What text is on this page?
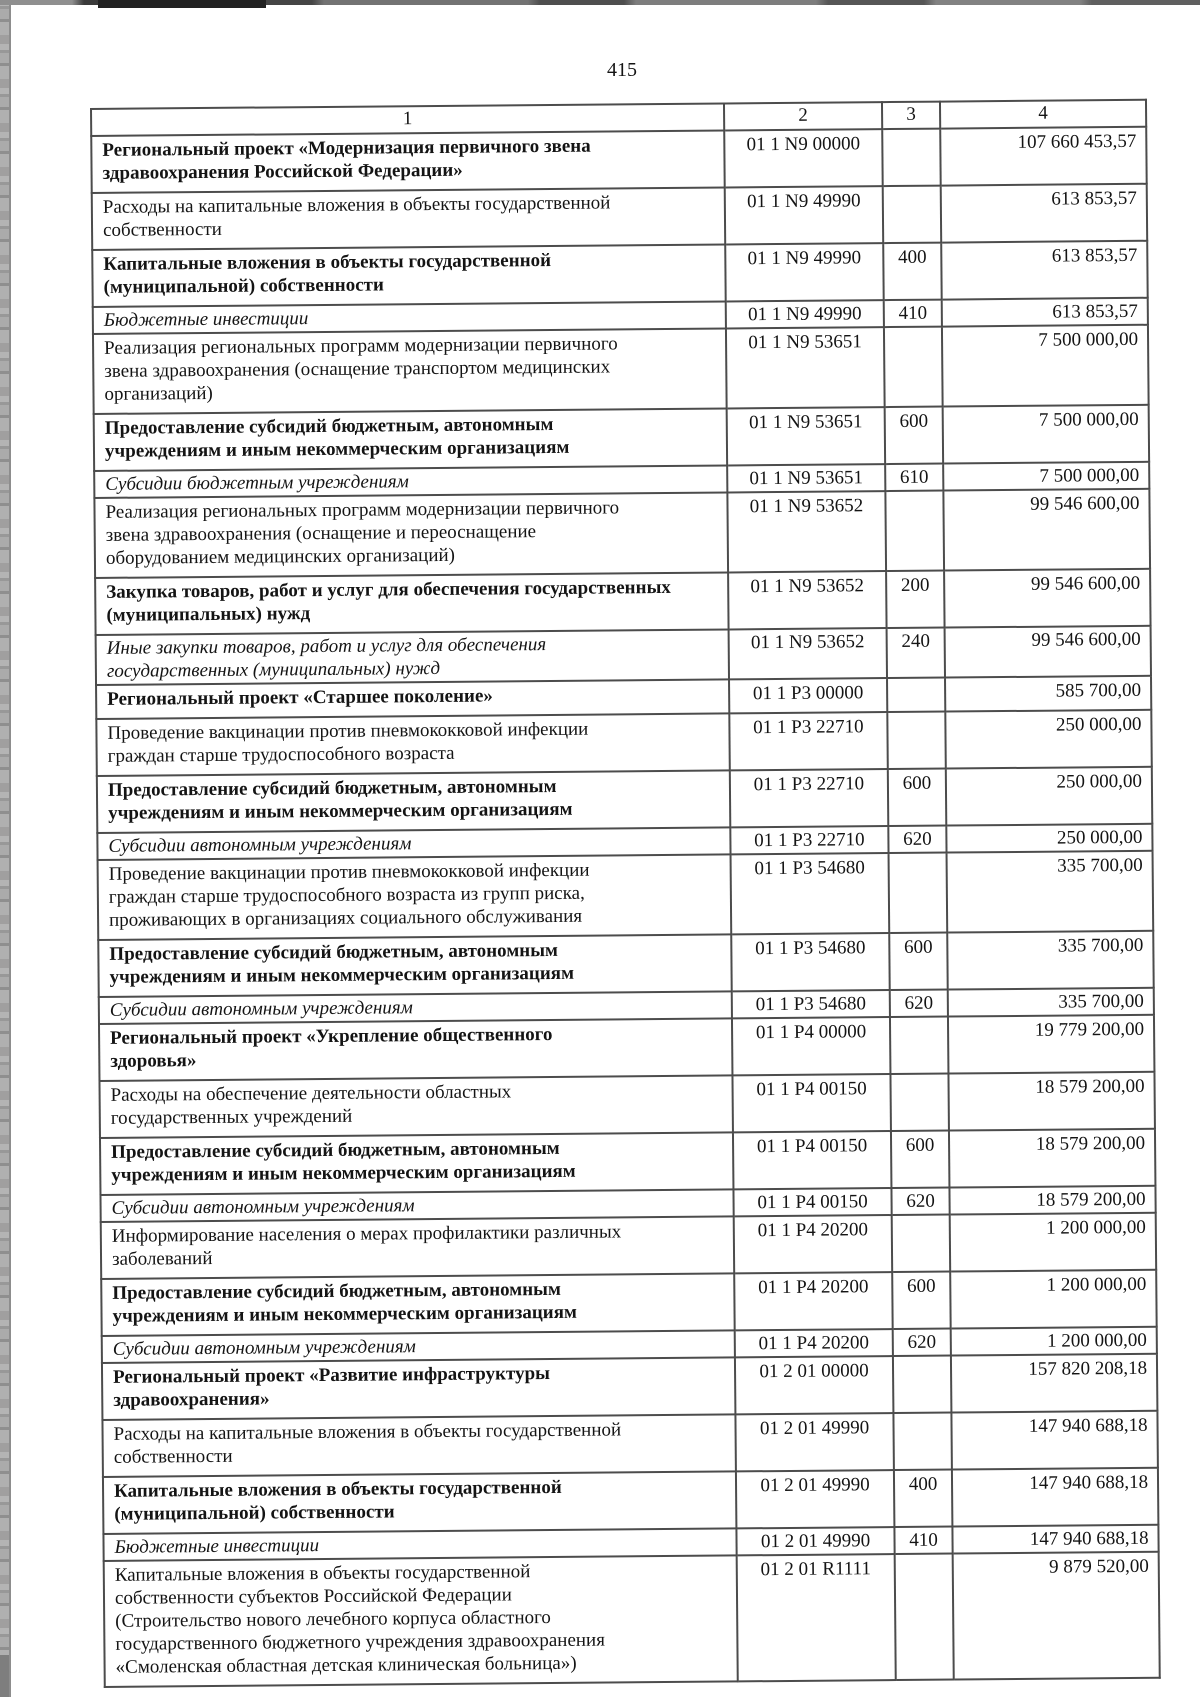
415
1	2	3	4
Региональный проект «Модернизация первичного звена
здравоохранения Российской Федерации»	01 1 N9 00000		107 660 453,57
Расходы на капитальные вложения в объекты государственной
собственности	01 1 N9 49990		613 853,57
Капитальные вложения в объекты государственной
(муниципальной) собственности	01 1 N9 49990	400	613 853,57
Бюджетные инвестиции	01 1 N9 49990	410	613 853,57
Реализация региональных программ модернизации первичного
звена здравоохранения (оснащение транспортом медицинских
организаций)	01 1 N9 53651		7 500 000,00
Предоставление субсидий бюджетным, автономным
учреждениям и иным некоммерческим организациям	01 1 N9 53651	600	7 500 000,00
Субсидии бюджетным учреждениям	01 1 N9 53651	610	7 500 000,00
Реализация региональных программ модернизации первичного
звена здравоохранения (оснащение и переоснащение
оборудованием медицинских организаций)	01 1 N9 53652		99 546 600,00
Закупка товаров, работ и услуг для обеспечения государственных
(муниципальных) нужд	01 1 N9 53652	200	99 546 600,00
Иные закупки товаров, работ и услуг для обеспечения
государственных (муниципальных) нужд	01 1 N9 53652	240	99 546 600,00
Региональный проект «Старшее поколение»	01 1 P3 00000		585 700,00
Проведение вакцинации против пневмококковой инфекции
граждан старше трудоспособного возраста	01 1 P3 22710		250 000,00
Предоставление субсидий бюджетным, автономным
учреждениям и иным некоммерческим организациям	01 1 P3 22710	600	250 000,00
Субсидии автономным учреждениям	01 1 P3 22710	620	250 000,00
Проведение вакцинации против пневмококковой инфекции
граждан старше трудоспособного возраста из групп риска,
проживающих в организациях социального обслуживания	01 1 P3 54680		335 700,00
Предоставление субсидий бюджетным, автономным
учреждениям и иным некоммерческим организациям	01 1 P3 54680	600	335 700,00
Субсидии автономным учреждениям	01 1 P3 54680	620	335 700,00
Региональный проект «Укрепление общественного
здоровья»	01 1 P4 00000		19 779 200,00
Расходы на обеспечение деятельности областных
государственных учреждений	01 1 P4 00150		18 579 200,00
Предоставление субсидий бюджетным, автономным
учреждениям и иным некоммерческим организациям	01 1 P4 00150	600	18 579 200,00
Субсидии автономным учреждениям	01 1 P4 00150	620	18 579 200,00
Информирование населения о мерах профилактики различных
заболеваний	01 1 P4 20200		1 200 000,00
Предоставление субсидий бюджетным, автономным
учреждениям и иным некоммерческим организациям	01 1 P4 20200	600	1 200 000,00
Субсидии автономным учреждениям	01 1 P4 20200	620	1 200 000,00
Региональный проект «Развитие инфраструктуры
здравоохранения»	01 2 01 00000		157 820 208,18
Расходы на капитальные вложения в объекты государственной
собственности	01 2 01 49990		147 940 688,18
Капитальные вложения в объекты государственной
(муниципальной) собственности	01 2 01 49990	400	147 940 688,18
Бюджетные инвестиции	01 2 01 49990	410	147 940 688,18
Капитальные вложения в объекты государственной
собственности субъектов Российской Федерации
(Строительство нового лечебного корпуса областного
государственного бюджетного учреждения здравоохранения
«Смоленская областная детская клиническая больница»)	01 2 01 R1111		9 879 520,00
